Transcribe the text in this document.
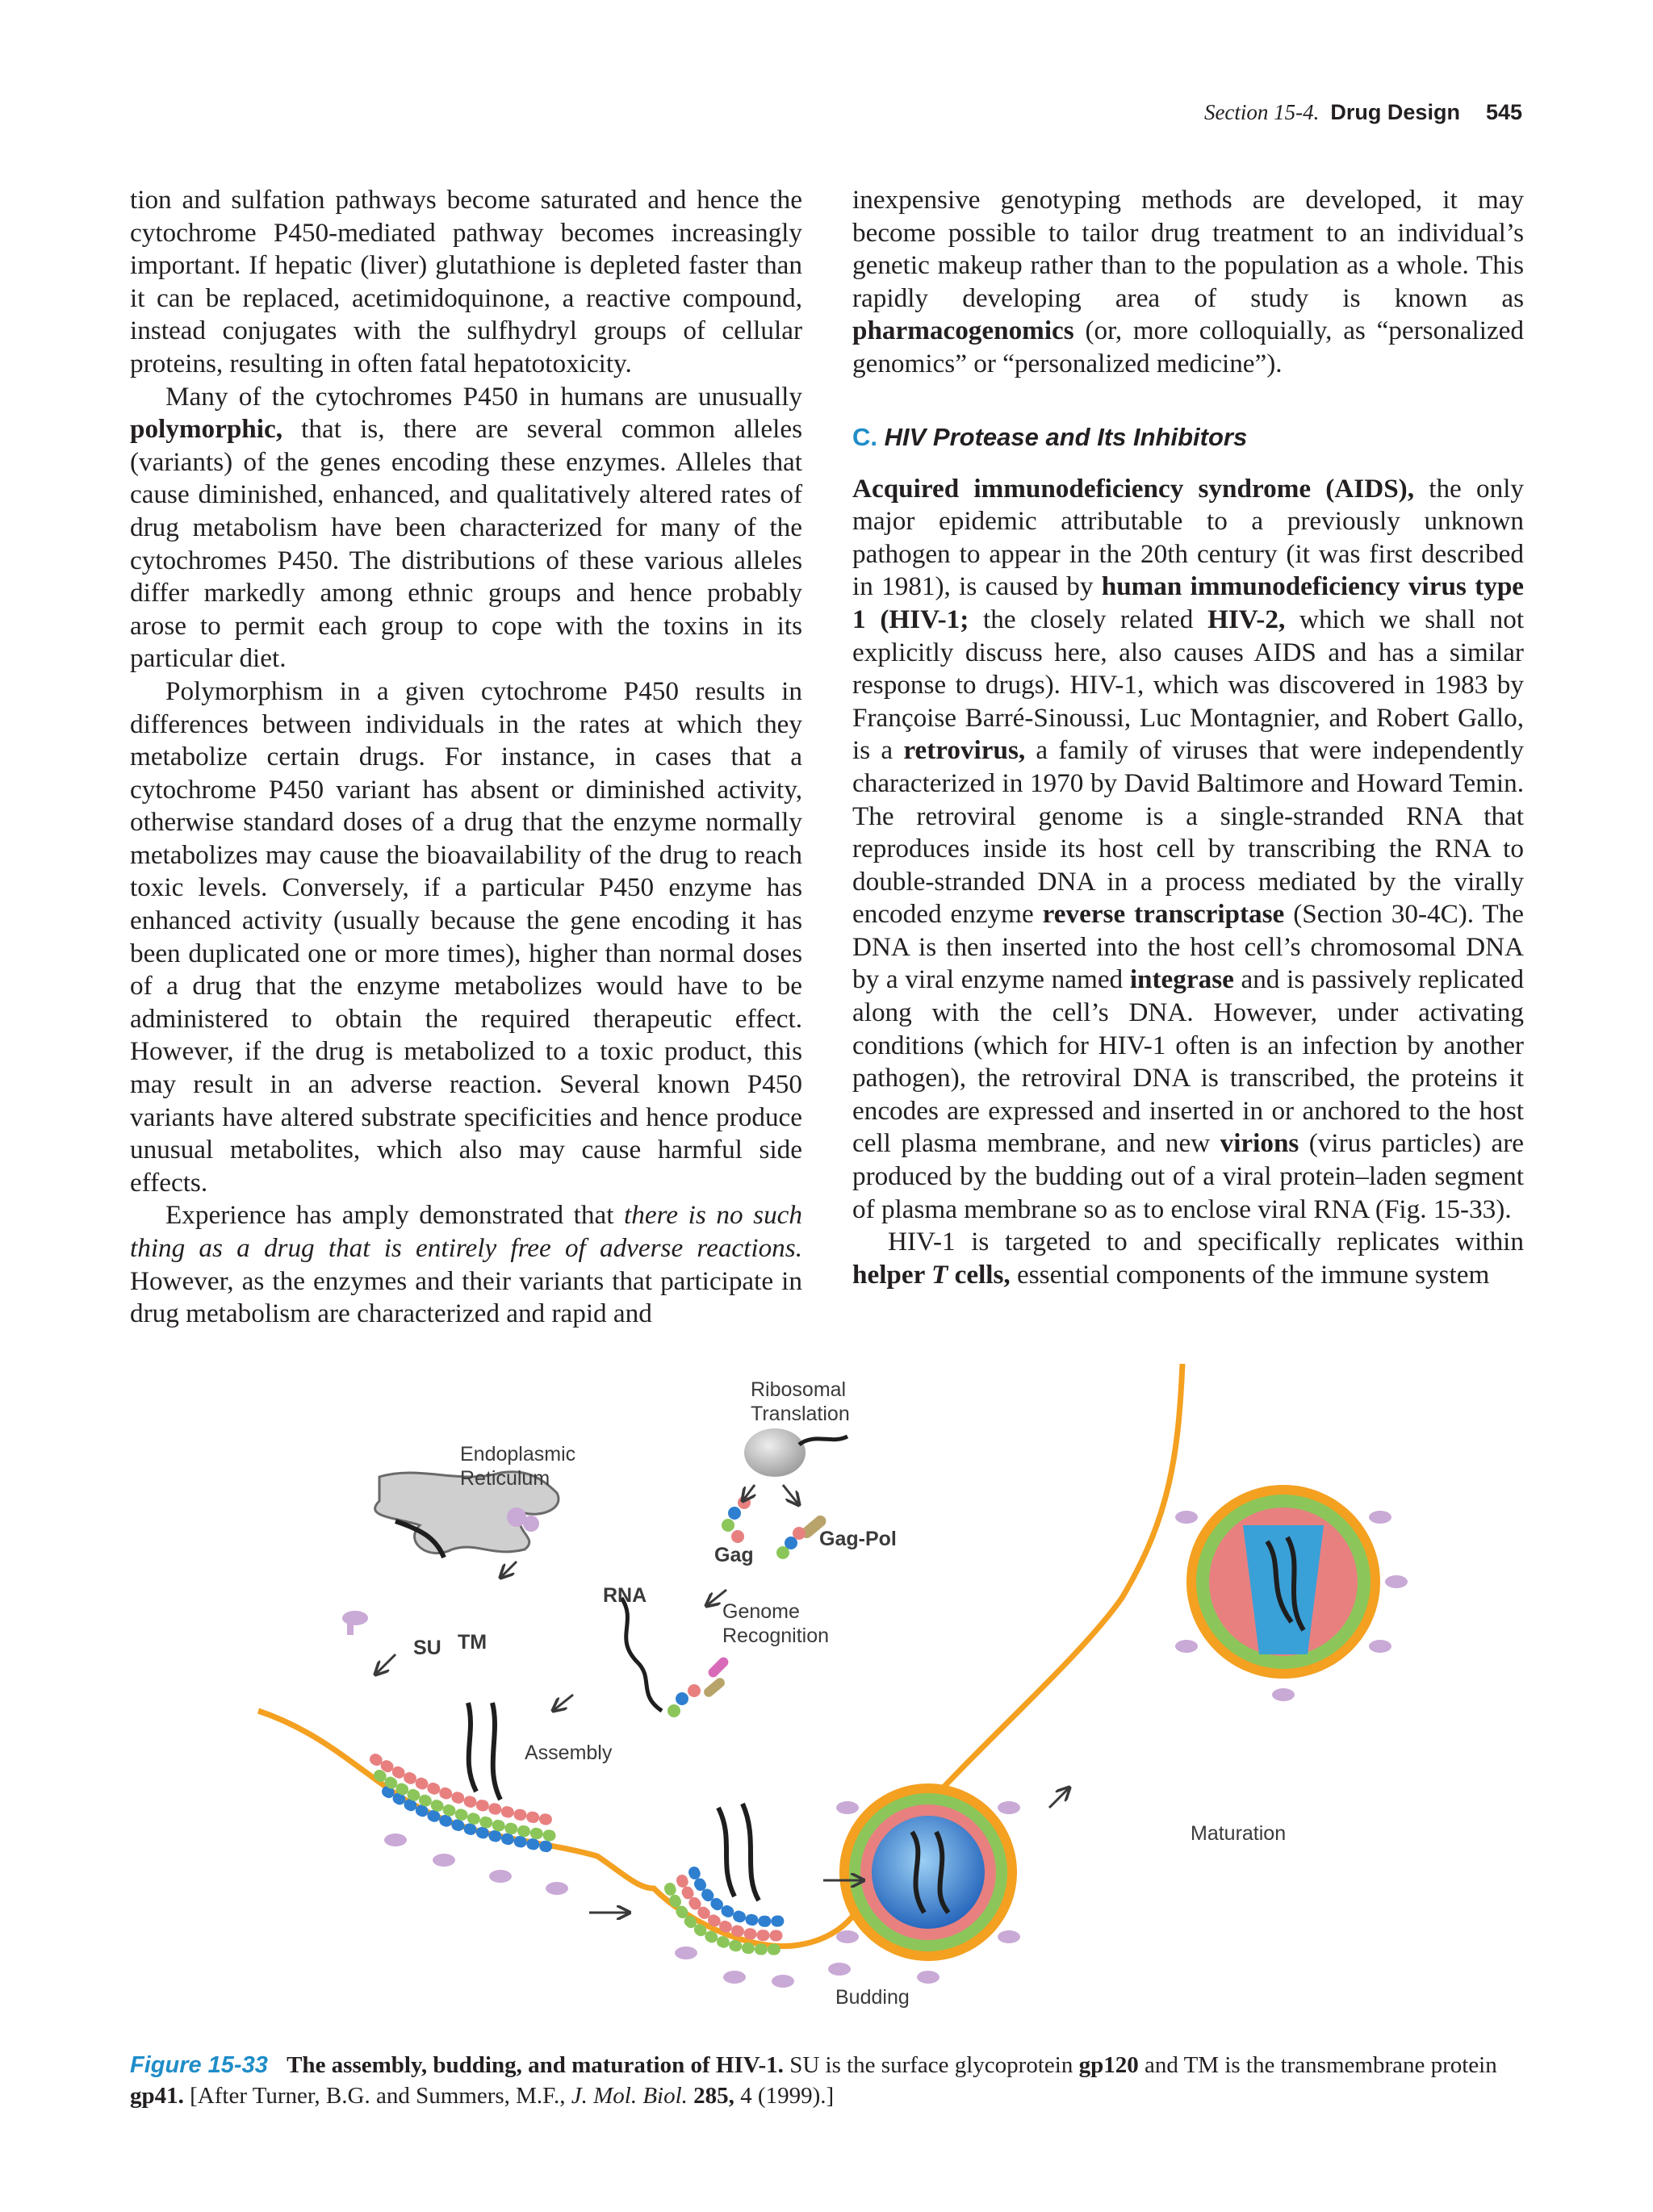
Section 15-4. Drug Design 545

tion and sulfation pathways become saturated and hence the cytochrome P450-mediated pathway becomes increasingly important. If hepatic (liver) glutathione is depleted faster than it can be replaced, acetimidoquinone, a reactive compound, instead conjugates with the sulfhydryl groups of cellular proteins, resulting in often fatal hepatotoxicity.

Many of the cytochromes P450 in humans are unusually polymorphic, that is, there are several common alleles (variants) of the genes encoding these enzymes. Alleles that cause diminished, enhanced, and qualitatively altered rates of drug metabolism have been characterized for many of the cytochromes P450. The distributions of these various alleles differ markedly among ethnic groups and hence probably arose to permit each group to cope with the toxins in its particular diet.

Polymorphism in a given cytochrome P450 results in differences between individuals in the rates at which they metabolize certain drugs. For instance, in cases that a cytochrome P450 variant has absent or diminished activity, otherwise standard doses of a drug that the enzyme normally metabolizes may cause the bioavailability of the drug to reach toxic levels. Conversely, if a particular P450 enzyme has enhanced activity (usually because the gene encoding it has been duplicated one or more times), higher than normal doses of a drug that the enzyme metabolizes would have to be administered to obtain the required therapeutic effect. However, if the drug is metabolized to a toxic product, this may result in an adverse reaction. Several known P450 variants have altered substrate specificities and hence produce unusual metabolites, which also may cause harmful side effects.

Experience has amply demonstrated that there is no such thing as a drug that is entirely free of adverse reactions. However, as the enzymes and their variants that participate in drug metabolism are characterized and rapid and

inexpensive genotyping methods are developed, it may become possible to tailor drug treatment to an individual’s genetic makeup rather than to the population as a whole. This rapidly developing area of study is known as pharmacogenomics (or, more colloquially, as “personalized genomics” or “personalized medicine”).

C. HIV Protease and Its Inhibitors

Acquired immunodeficiency syndrome (AIDS), the only major epidemic attributable to a previously unknown pathogen to appear in the 20th century (it was first described in 1981), is caused by human immunodeficiency virus type 1 (HIV-1; the closely related HIV-2, which we shall not explicitly discuss here, also causes AIDS and has a similar response to drugs). HIV-1, which was discovered in 1983 by Françoise Barré-Sinoussi, Luc Montagnier, and Robert Gallo, is a retrovirus, a family of viruses that were independently characterized in 1970 by David Baltimore and Howard Temin. The retroviral genome is a single-stranded RNA that reproduces inside its host cell by transcribing the RNA to double-stranded DNA in a process mediated by the virally encoded enzyme reverse transcriptase (Section 30-4C). The DNA is then inserted into the host cell’s chromosomal DNA by a viral enzyme named integrase and is passively replicated along with the cell’s DNA. However, under activating conditions (which for HIV-1 often is an infection by another pathogen), the retroviral DNA is transcribed, the proteins it encodes are expressed and inserted in or anchored to the host cell plasma membrane, and new virions (virus particles) are produced by the budding out of a viral protein–laden segment of plasma membrane so as to enclose viral RNA (Fig. 15-33).

HIV-1 is targeted to and specifically replicates within helper T cells, essential components of the immune system

Ribosomal
Translation
Endoplasmic
Reticulum
Gag
Gag-Pol
RNA
Genome
Recognition
SU TM
Assembly
Maturation
Budding
Figure 15-33 The assembly, budding, and maturation of HIV-1. SU is the surface glycoprotein gp120 and TM is the transmembrane protein gp41. [After Turner, B.G. and Summers, M.F., J. Mol. Biol. 285, 4 (1999).]
